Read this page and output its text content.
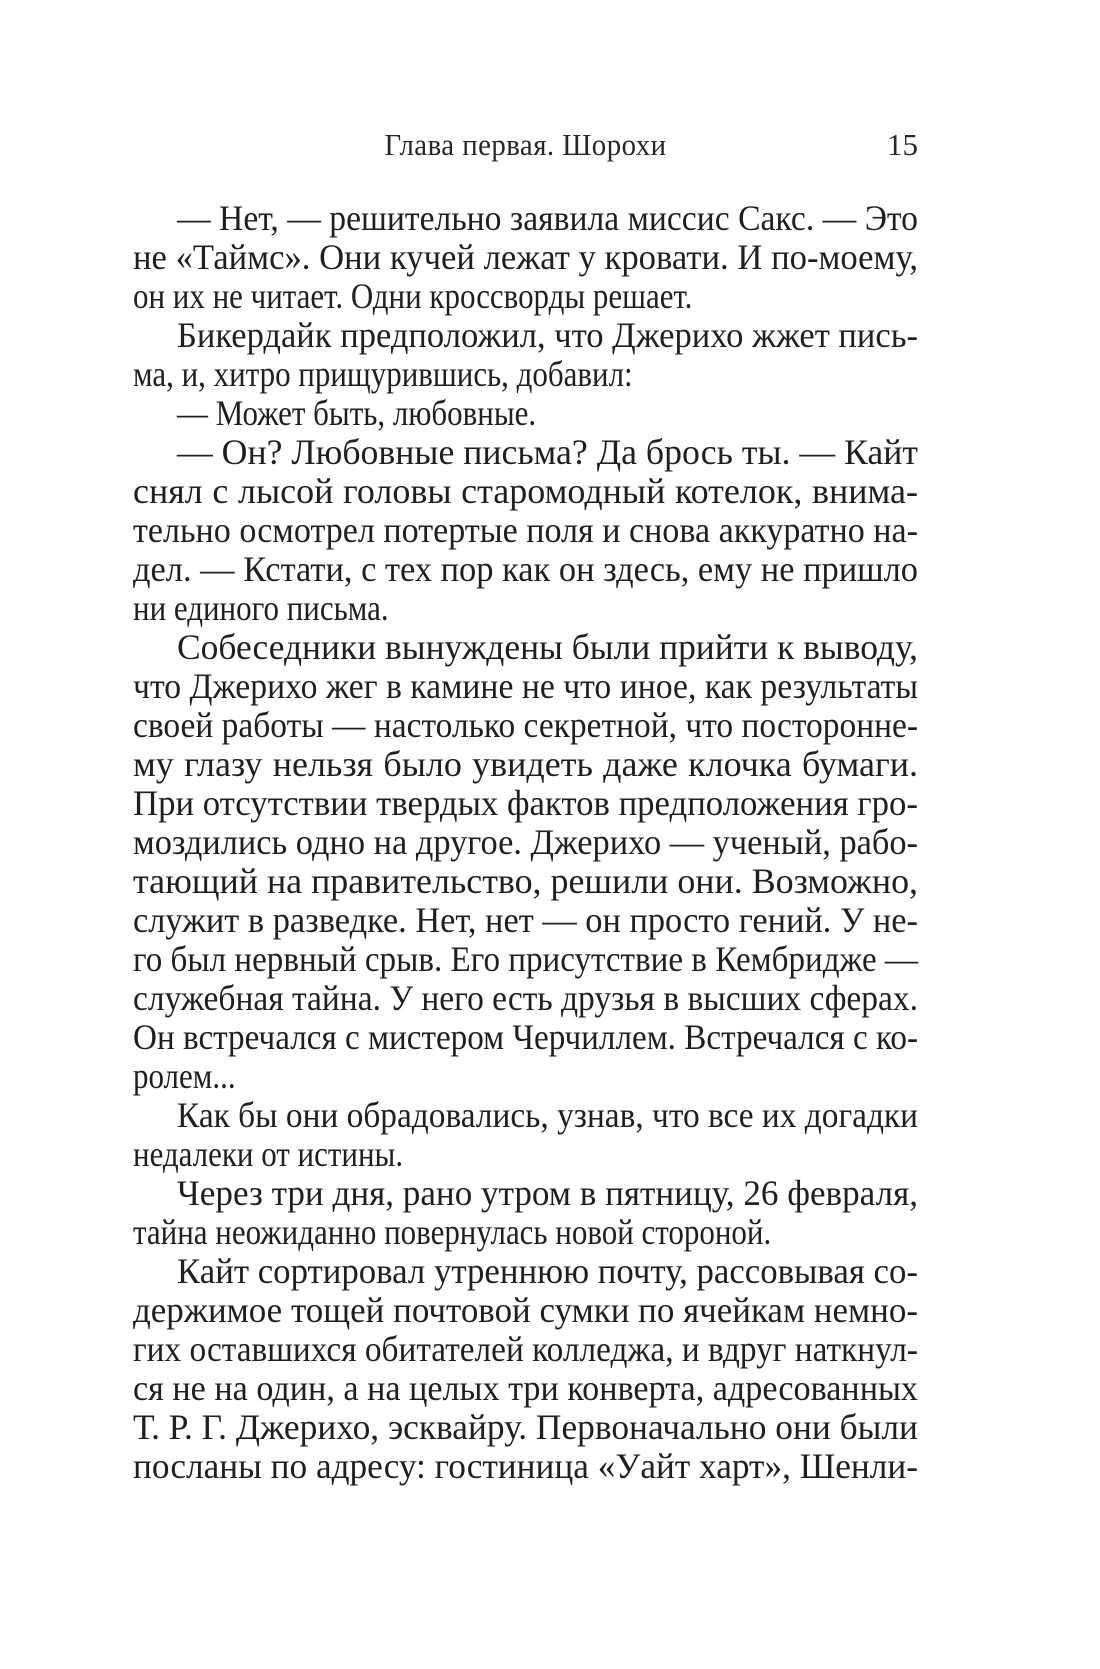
Глава первая. Шорохи	15
— Нет, — решительно заявила миссис Сакс. — Это
не «Таймс». Они кучей лежат у кровати. И по-моему,
он их не читает. Одни кроссворды решает.
Бикердайк предположил, что Джерихо жжет пись-
ма, и, хитро прищурившись, добавил:
— Может быть, любовные.
— Он? Любовные письма? Да брось ты. — Кайт
снял с лысой головы старомодный котелок, внима-
тельно осмотрел потертые поля и снова аккуратно на-
дел. — Кстати, с тех пор как он здесь, ему не пришло
ни единого письма.
Собеседники вынуждены были прийти к выводу,
что Джерихо жег в камине не что иное, как результаты
своей работы — настолько секретной, что посторонне-
му глазу нельзя было увидеть даже клочка бумаги.
При отсутствии твердых фактов предположения гро-
моздились одно на другое. Джерихо — ученый, рабо-
тающий на правительство, решили они. Возможно,
служит в разведке. Нет, нет — он просто гений. У не-
го был нервный срыв. Его присутствие в Кембридже —
служебная тайна. У него есть друзья в высших сферах.
Он встречался с мистером Черчиллем. Встречался с ко-
ролем...
Как бы они обрадовались, узнав, что все их догадки
недалеки от истины.
Через три дня, рано утром в пятницу, 26 февраля,
тайна неожиданно повернулась новой стороной.
Кайт сортировал утреннюю почту, рассовывая со-
держимое тощей почтовой сумки по ячейкам немно-
гих оставшихся обитателей колледжа, и вдруг наткнул-
ся не на один, а на целых три конверта, адресованных
Т. Р. Г. Джерихо, эсквайру. Первоначально они были
посланы по адресу: гостиница «Уайт харт», Шенли-
